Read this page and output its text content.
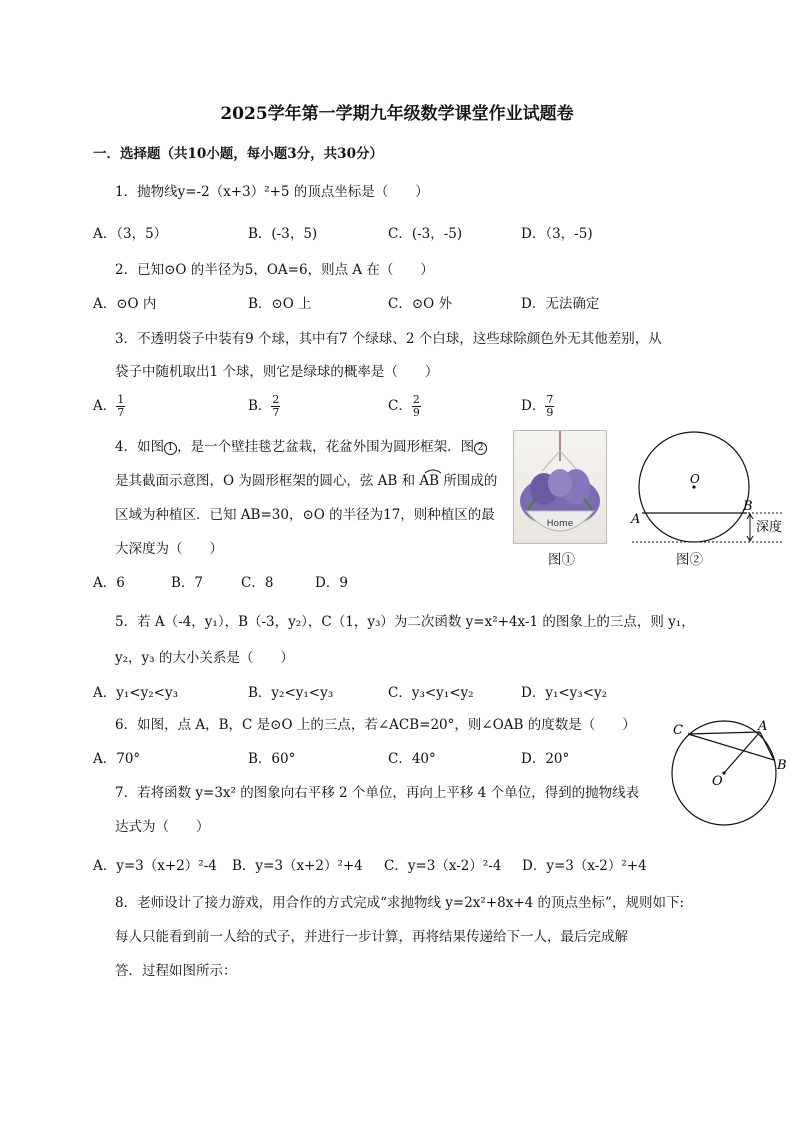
2025学年第一学期九年级数学课堂作业试题卷
一．选择题（共10小题，每小题3分，共30分）
1．抛物线y=-2（x+3）²+5 的顶点坐标是（　　）
A．（3，5）	B．(-3，5)	C．(-3，-5)	D．（3，-5)
2．已知⊙O 的半径为5，OA=6，则点 A 在（　　）
A．⊙O 内	B．⊙O 上	C．⊙O 外	D．无法确定
3．不透明袋子中装有9 个球，其中有7 个绿球、2 个白球，这些球除颜色外无其他差别，从
袋子中随机取出1 个球，则它是绿球的概率是（　　）
A． $\frac{1}{7}$	B． $\frac{2}{7}$	C． $\frac{2}{9}$	D． $\frac{7}{9}$
4．如图 1 ，是一个壁挂毯艺盆栽，花盆外围为圆形框架．图 2
是其截面示意图，O 为圆形框架的圆心，弦 AB 和 AB 所围成的
区域为种植区．已知 AB=30，⊙O 的半径为17，则种植区的最
大深度为（　　）
A．6	B．7	C．8	D．9
Home
图①
O
A
B
深度
图②
5．若 A（-4，y₁），B（-3，y₂），C（1，y₃）为二次函数 y=x²+4x-1 的图象上的三点，则 y₁，
y₂，y₃ 的大小关系是（　　）
A．y₁<y₂<y₃	B．y₂<y₁<y₃	C．y₃<y₁<y₂	D．y₁<y₃<y₂
6．如图，点 A，B，C 是⊙O 上的三点，若∠ACB=20°，则∠OAB 的度数是（　　）
A．70°	B．60°	C．40°	D．20°
C	A
B
O
7．若将函数 y=3x² 的图象向右平移 2 个单位，再向上平移 4 个单位，得到的抛物线表
达式为（　　）
A．y=3（x+2）²-4 B．y=3（x+2）²+4 C．y=3（x-2）²-4 D．y=3（x-2）²+4
8．老师设计了接力游戏，用合作的方式完成“求抛物线 y=2x²+8x+4 的顶点坐标”，规则如下:
每人只能看到前一人给的式子，并进行一步计算，再将结果传递给下一人，最后完成解
答．过程如图所示：
